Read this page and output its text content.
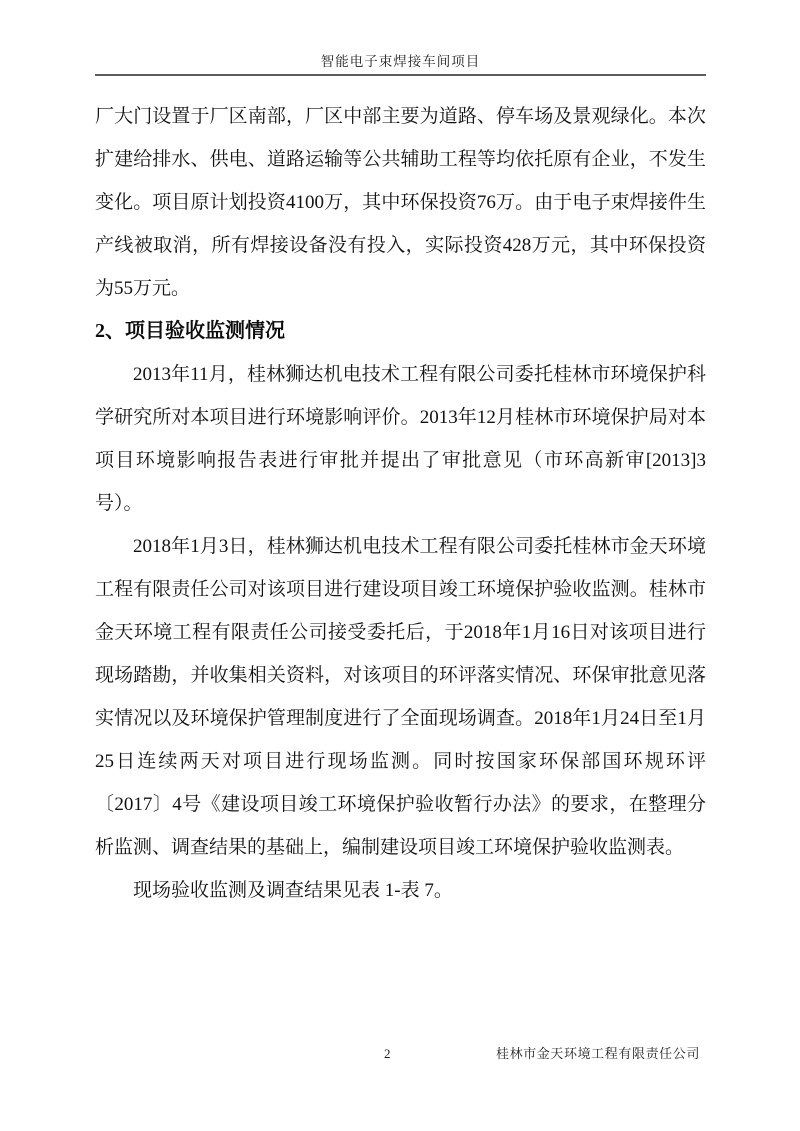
智能电子束焊接车间项目

厂大门设置于厂区南部，厂区中部主要为道路、停车场及景观绿化。本次扩建给排水、供电、道路运输等公共辅助工程等均依托原有企业，不发生变化。项目原计划投资4100万，其中环保投资76万。由于电子束焊接件生产线被取消，所有焊接设备没有投入，实际投资428万元，其中环保投资为55万元。

2、项目验收监测情况

2013年11月，桂林狮达机电技术工程有限公司委托桂林市环境保护科学研究所对本项目进行环境影响评价。2013年12月桂林市环境保护局对本项目环境影响报告表进行审批并提出了审批意见（市环高新审[2013]3号）。

2018年1月3日，桂林狮达机电技术工程有限公司委托桂林市金天环境工程有限责任公司对该项目进行建设项目竣工环境保护验收监测。桂林市金天环境工程有限责任公司接受委托后，于2018年1月16日对该项目进行现场踏勘，并收集相关资料，对该项目的环评落实情况、环保审批意见落实情况以及环境保护管理制度进行了全面现场调查。2018年1月24日至1月25日连续两天对项目进行现场监测。同时按国家环保部国环规环评〔2017〕4号《建设项目竣工环境保护验收暂行办法》的要求，在整理分析监测、调查结果的基础上，编制建设项目竣工环境保护验收监测表。

现场验收监测及调查结果见表 1-表 7。

2	桂林市金天环境工程有限责任公司
